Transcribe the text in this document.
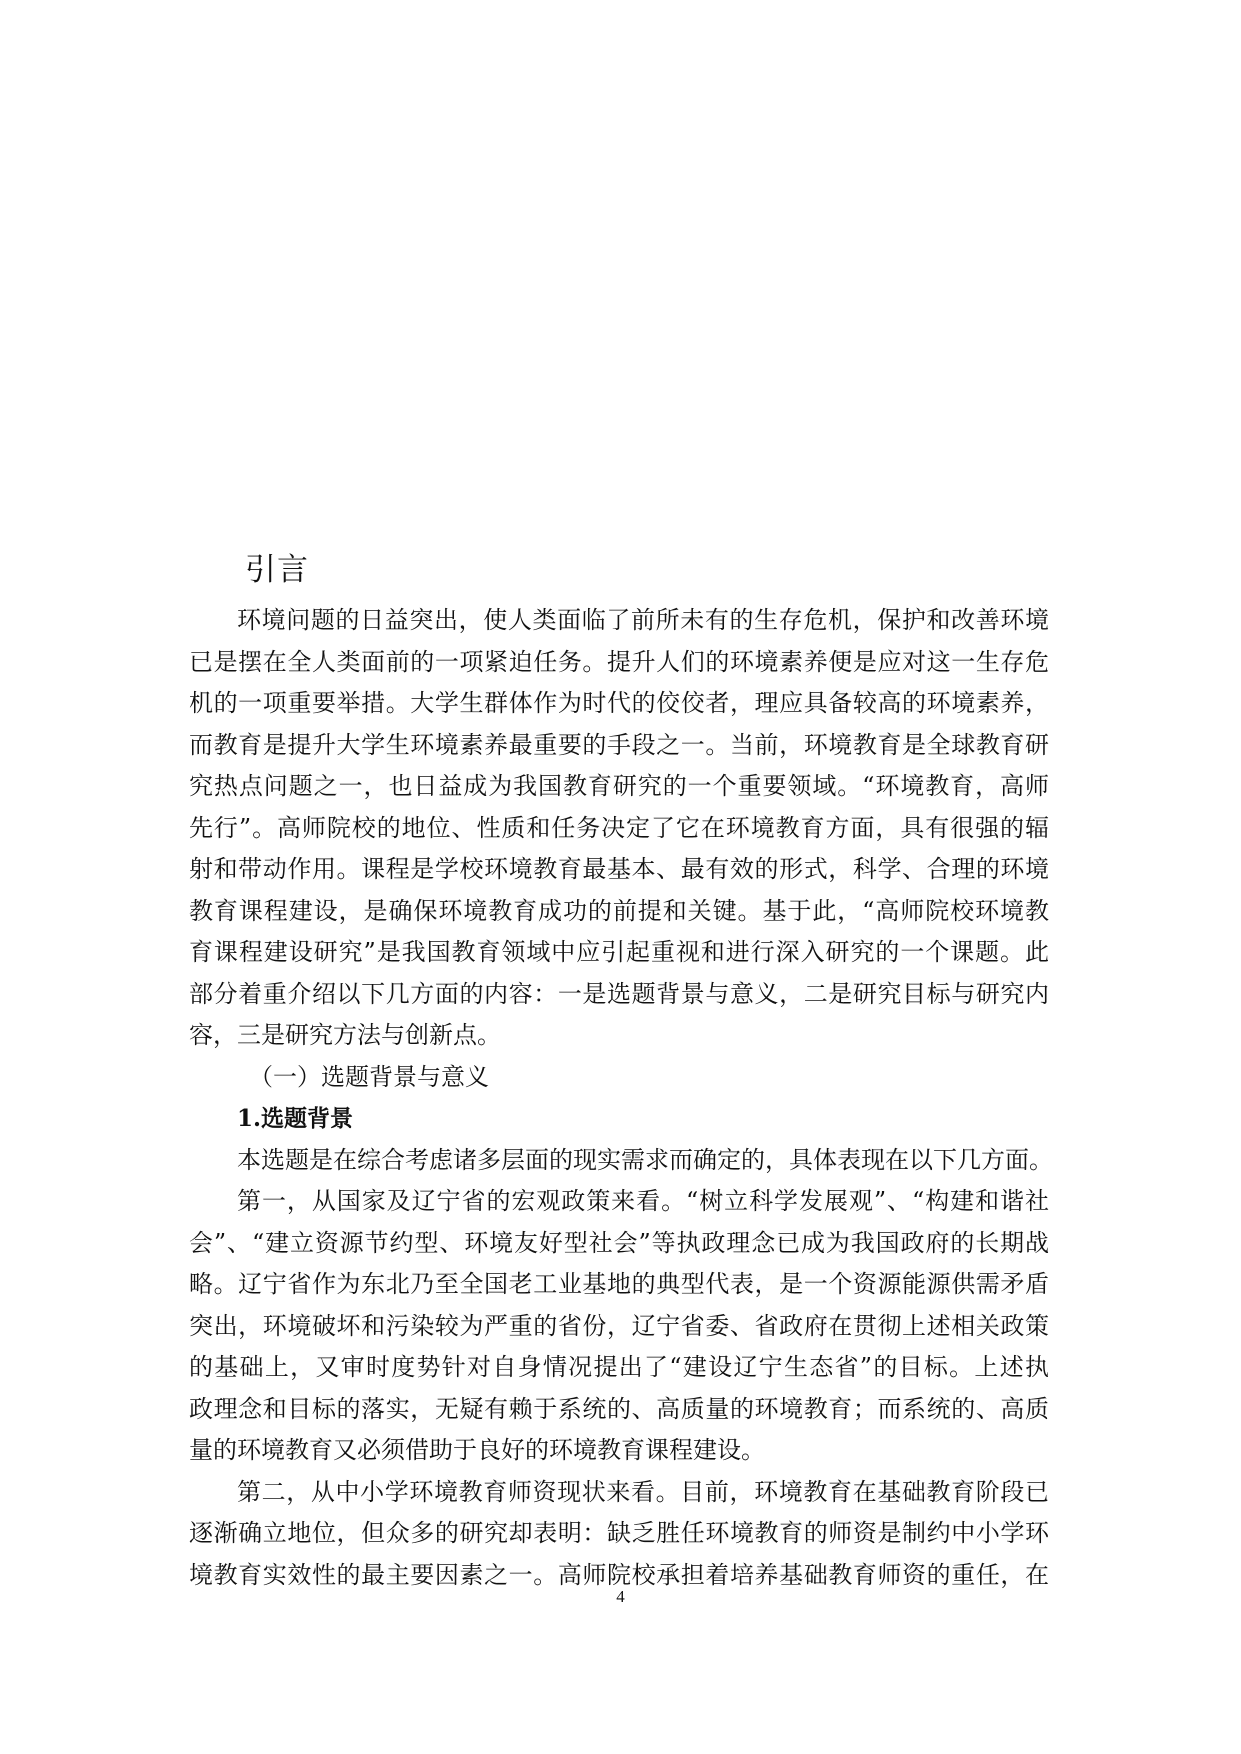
引言
环境问题的日益突出，使人类面临了前所未有的生存危机，保护和改善环境
已是摆在全人类面前的一项紧迫任务。提升人们的环境素养便是应对这一生存危
机的一项重要举措。大学生群体作为时代的佼佼者，理应具备较高的环境素养，
而教育是提升大学生环境素养最重要的手段之一。当前，环境教育是全球教育研
究热点问题之一，也日益成为我国教育研究的一个重要领域。“环境教育，高师
先行”。高师院校的地位、性质和任务决定了它在环境教育方面，具有很强的辐
射和带动作用。课程是学校环境教育最基本、最有效的形式，科学、合理的环境
教育课程建设，是确保环境教育成功的前提和关键。基于此，“高师院校环境教
育课程建设研究”是我国教育领域中应引起重视和进行深入研究的一个课题。此
部分着重介绍以下几方面的内容：一是选题背景与意义，二是研究目标与研究内
容，三是研究方法与创新点。
（一）选题背景与意义
1.选题背景
本选题是在综合考虑诸多层面的现实需求而确定的，具体表现在以下几方面。
第一，从国家及辽宁省的宏观政策来看。“树立科学发展观”、“构建和谐社
会”、“建立资源节约型、环境友好型社会”等执政理念已成为我国政府的长期战
略。辽宁省作为东北乃至全国老工业基地的典型代表，是一个资源能源供需矛盾
突出，环境破坏和污染较为严重的省份，辽宁省委、省政府在贯彻上述相关政策
的基础上，又审时度势针对自身情况提出了“建设辽宁生态省”的目标。上述执
政理念和目标的落实，无疑有赖于系统的、高质量的环境教育；而系统的、高质
量的环境教育又必须借助于良好的环境教育课程建设。
第二，从中小学环境教育师资现状来看。目前，环境教育在基础教育阶段已
逐渐确立地位，但众多的研究却表明：缺乏胜任环境教育的师资是制约中小学环
境教育实效性的最主要因素之一。高师院校承担着培养基础教育师资的重任，在
4
